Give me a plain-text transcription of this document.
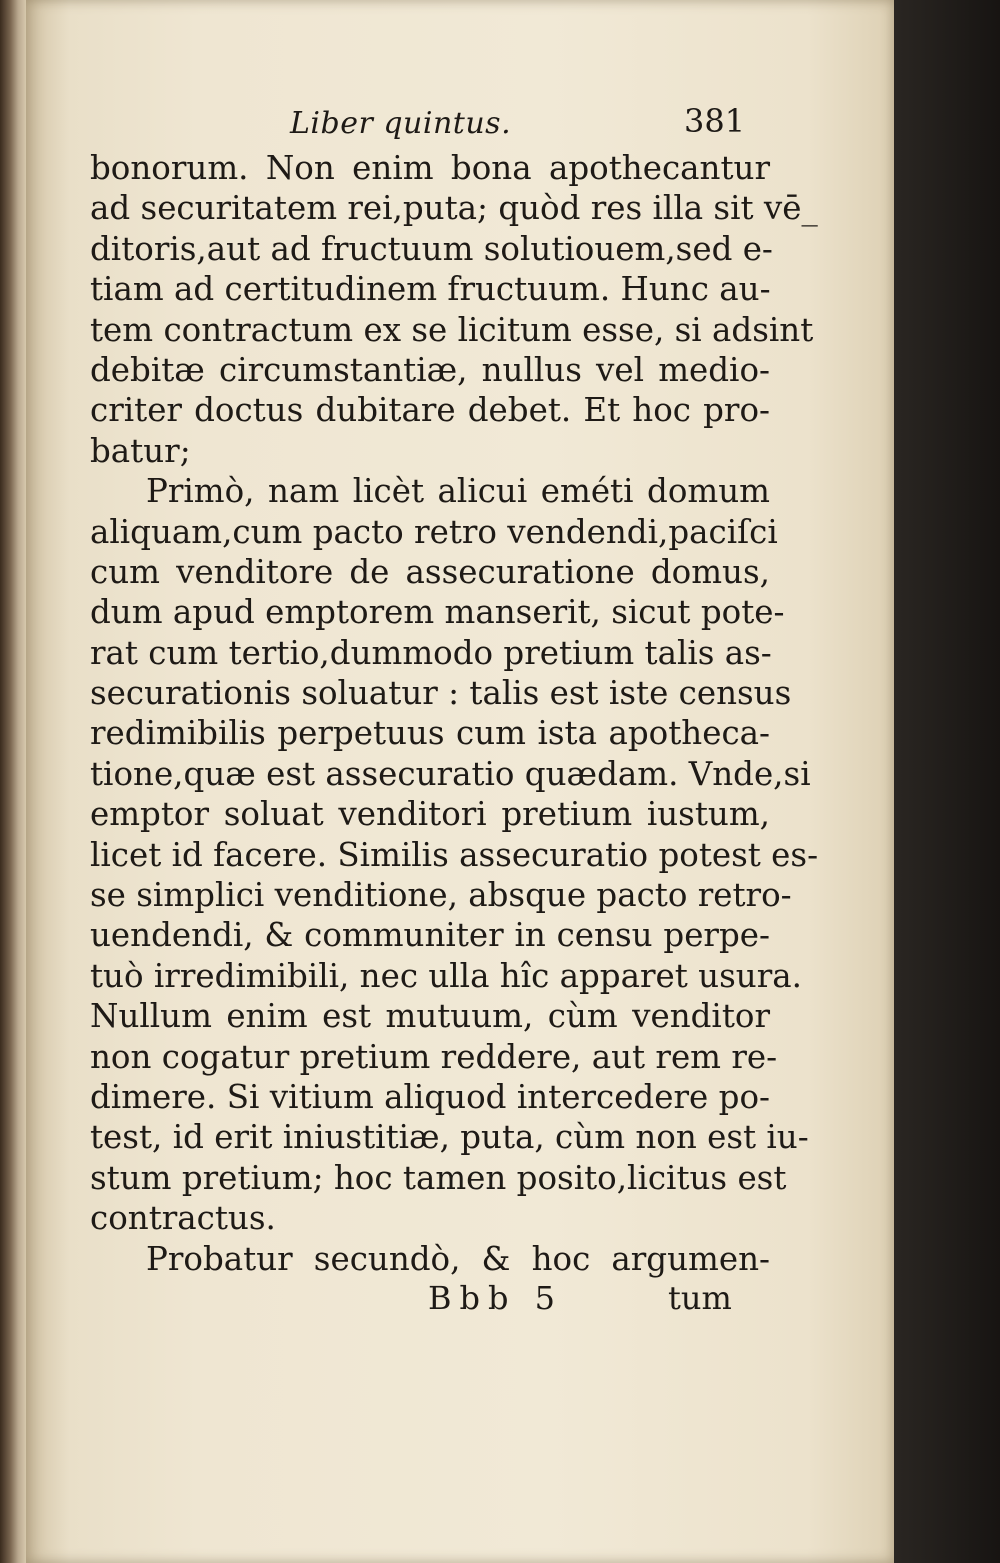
Liber quintus.	381
bonorum. Non enim bona apothecantur
ad securitatem rei,puta; quòd res illa sit vē_
ditoris,aut ad fructuum solutiouem,sed e-
tiam ad certitudinem fructuum. Hunc au-
tem contractum ex se licitum esse, si adsint
debitæ circumstantiæ, nullus vel medio-
criter doctus dubitare debet. Et hoc pro-
batur;
Primò, nam licèt alicui eméti domum
aliquam,cum pacto retro vendendi,paciſci
cum venditore de assecuratione domus,
dum apud emptorem manserit, sicut pote-
rat cum tertio,dummodo pretium talis as-
securationis soluatur : talis est iste census
redimibilis perpetuus cum ista apotheca-
tione,quæ est assecuratio quædam. Vnde,si
emptor soluat venditori pretium iustum,
licet id facere. Similis assecuratio potest es-
se simplici venditione, absque pacto retro-
uendendi, & communiter in censu perpe-
tuò irredimibili, nec ulla hîc apparet usura.
Nullum enim est mutuum, cùm venditor
non cogatur pretium reddere, aut rem re-
dimere. Si vitium aliquod intercedere po-
test, id erit iniustitiæ, puta, cùm non est iu-
stum pretium; hoc tamen posito,licitus est
contractus.
Probatur secundò, & hoc argumen-
Bbb 5	tum
